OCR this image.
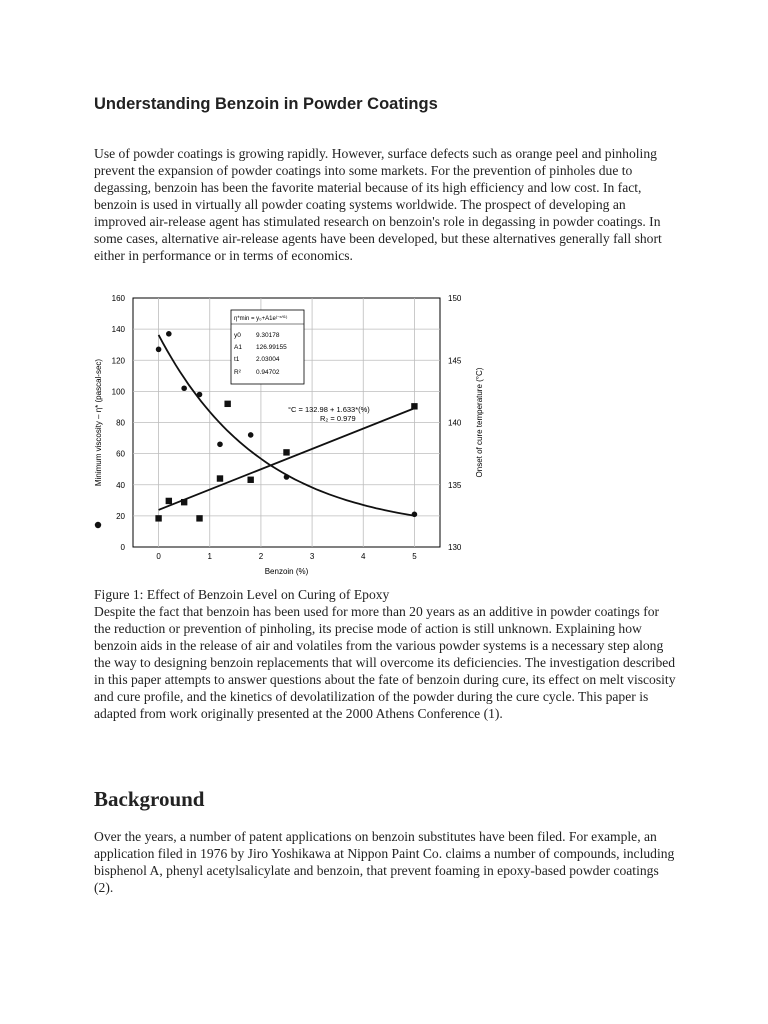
Understanding Benzoin in Powder Coatings

Use of powder coatings is growing rapidly. However, surface defects such as orange peel and pinholing prevent the expansion of powder coatings into some markets. For the prevention of pinholes due to degassing, benzoin has been the favorite material because of its high efficiency and low cost. In fact, benzoin is used in virtually all powder coating systems worldwide. The prospect of developing an improved air-release agent has stimulated research on benzoin's role in degassing in powder coatings. In some cases, alternative air-release agents have been developed, but these alternatives generally fall short either in performance or in terms of economics.

0
20
40
60
80
100
120
140
160
130
135
140
145
150
0	1	2	3	4	5
$\eta*\min = y_0+A1e^{(-x/t1)}$
y0 9.30178
A1 126.99155
t1	2.03004
R² 0.94702
°C = 132.98 + 1.633*(%)
R₂ = 0.979
Benzoin (%)
Minimum viscosity – η* (pascal-sec)	Onset of cure temperature (°C)

Figure 1: Effect of Benzoin Level on Curing of Epoxy

Despite the fact that benzoin has been used for more than 20 years as an additive in powder coatings for the reduction or prevention of pinholing, its precise mode of action is still unknown. Explaining how benzoin aids in the release of air and volatiles from the various powder systems is a necessary step along the way to designing benzoin replacements that will overcome its deficiencies. The investigation described in this paper attempts to answer questions about the fate of benzoin during cure, its effect on melt viscosity and cure profile, and the kinetics of devolatilization of the powder during the cure cycle. This paper is adapted from work originally presented at the 2000 Athens Conference (1).

Background

Over the years, a number of patent applications on benzoin substitutes have been filed. For example, an application filed in 1976 by Jiro Yoshikawa at Nippon Paint Co. claims a number of compounds, including bisphenol A, phenyl acetylsalicylate and benzoin, that prevent foaming in epoxy-based powder coatings (2).
